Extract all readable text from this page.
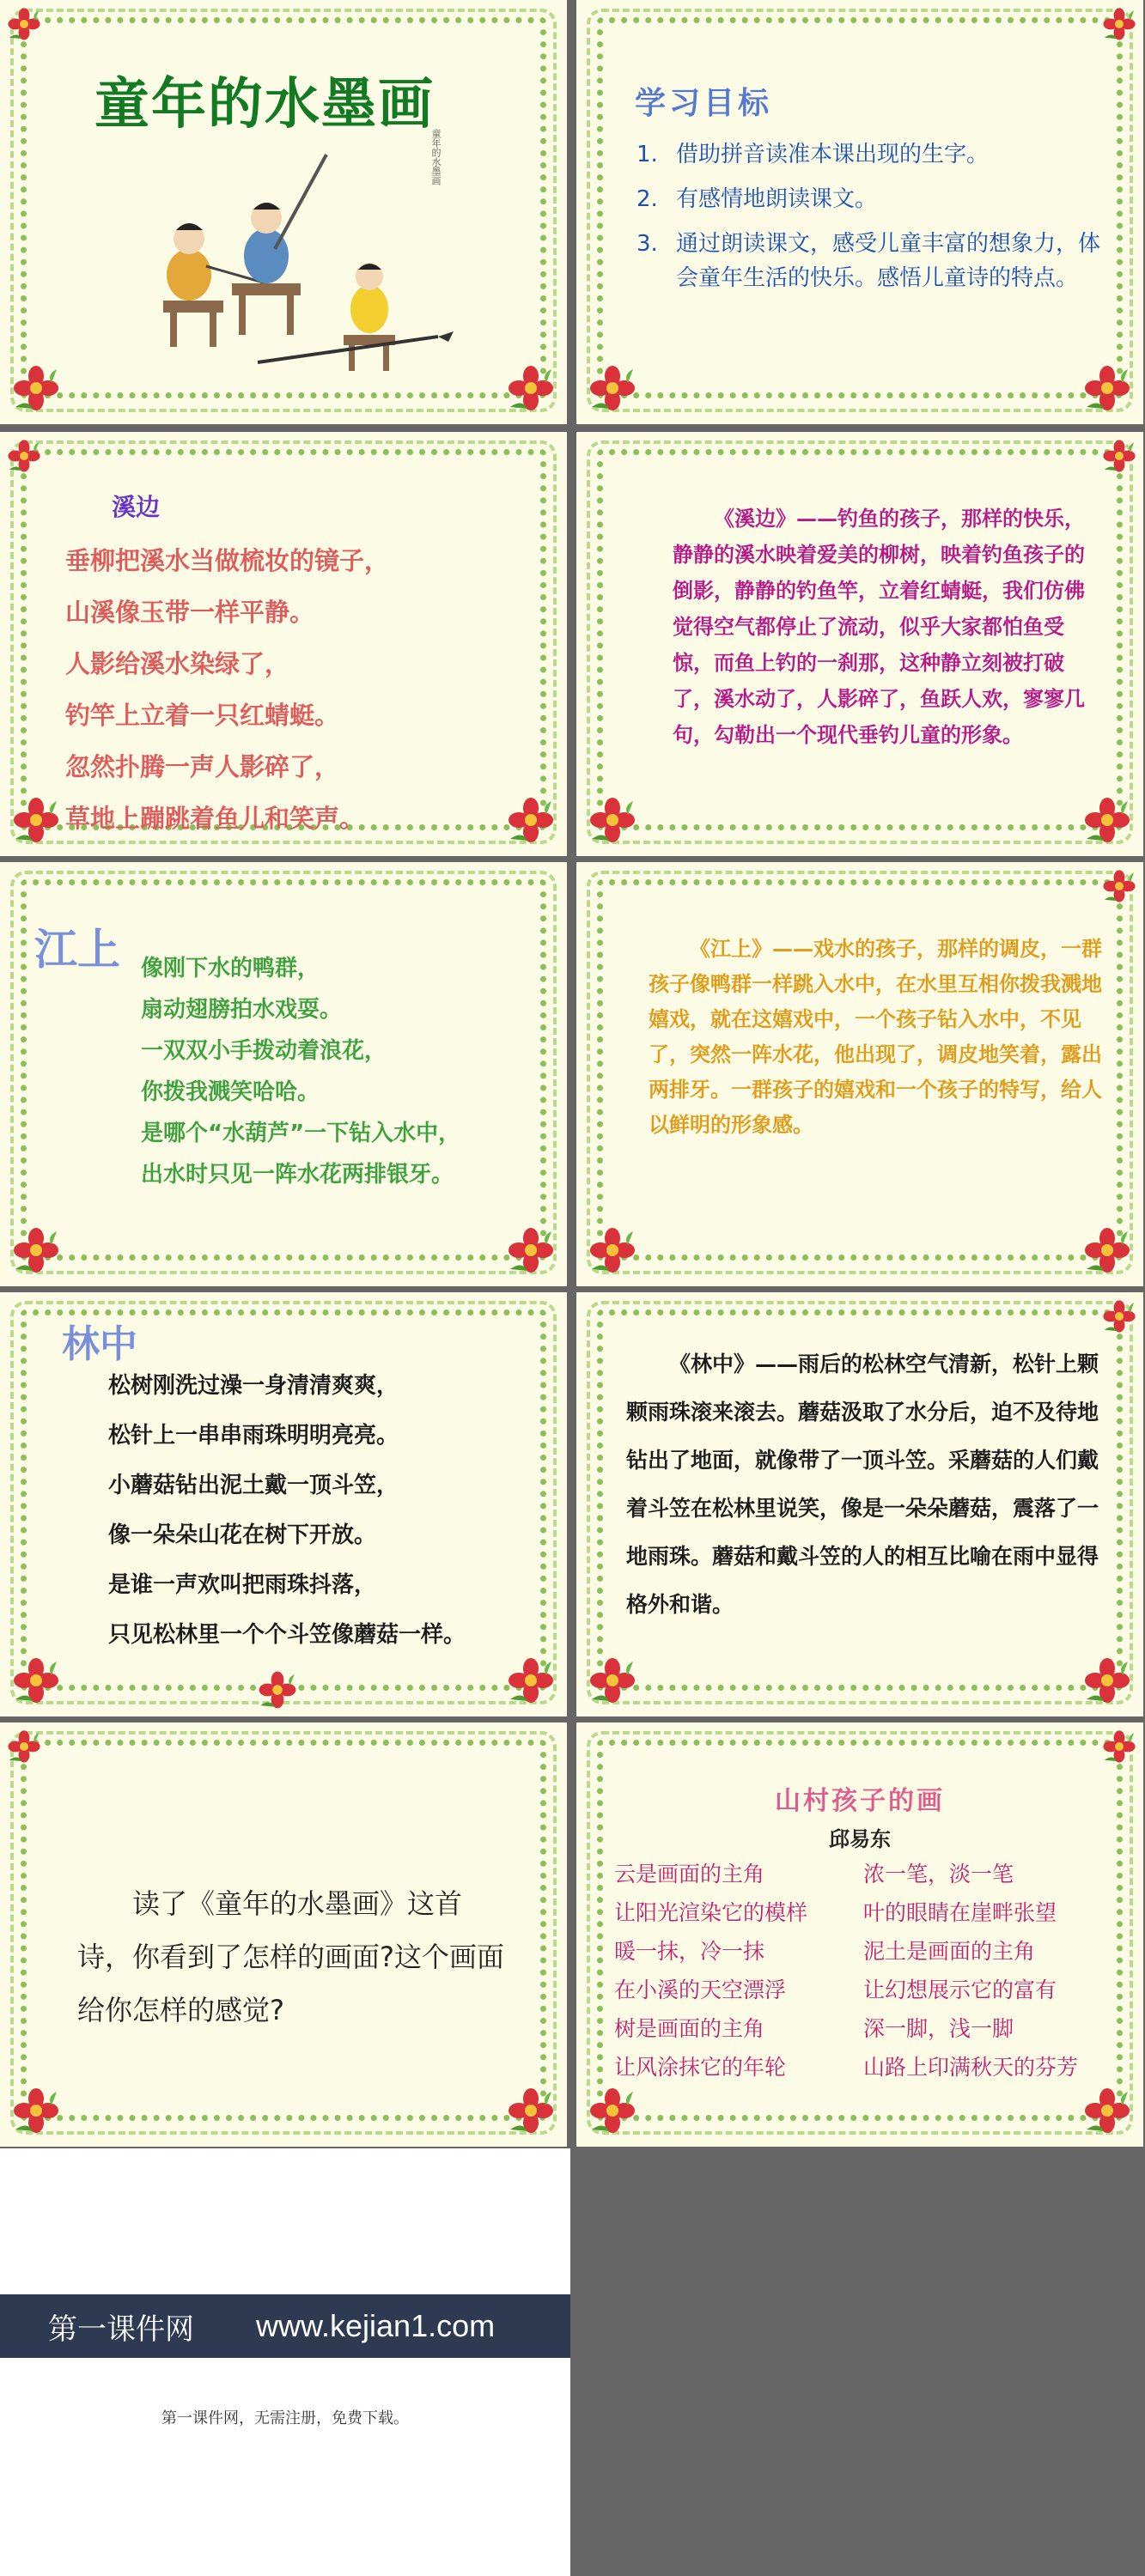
童年的水墨画
童年的水墨画
学习目标
1. 借助拼音读准本课出现的生字。
2. 有感情地朗读课文。
3. 通过朗读课文，感受儿童丰富的想象力，体会童年生活的快乐。感悟儿童诗的特点。
溪边
垂柳把溪水当做梳妆的镜子，
山溪像玉带一样平静。
人影给溪水染绿了，
钓竿上立着一只红蜻蜓。
忽然扑腾一声人影碎了，
草地上蹦跳着鱼儿和笑声。

《溪边》——钓鱼的孩子，那样的快乐，静静的溪水映着爱美的柳树，映着钓鱼孩子的倒影，静静的钓鱼竿，立着红蜻蜓，我们仿佛觉得空气都停止了流动，似乎大家都怕鱼受惊，而鱼上钓的一刹那，这种静立刻被打破了，溪水动了，人影碎了，鱼跃人欢，寥寥几句，勾勒出一个现代垂钓儿童的形象。

江上 像刚下水的鸭群，
扇动翅膀拍水戏耍。
一双双小手拨动着浪花，
你拨我溅笑哈哈。
是哪个“水葫芦”一下钻入水中，
出水时只见一阵水花两排银牙。

《江上》——戏水的孩子，那样的调皮，一群孩子像鸭群一样跳入水中，在水里互相你拨我溅地嬉戏，就在这嬉戏中，一个孩子钻入水中，不见了，突然一阵水花，他出现了，调皮地笑着，露出两排牙。一群孩子的嬉戏和一个孩子的特写，给人以鲜明的形象感。

林中
松树刚洗过澡一身清清爽爽，
松针上一串串雨珠明明亮亮。
小蘑菇钻出泥土戴一顶斗笠，
像一朵朵山花在树下开放。
是谁一声欢叫把雨珠抖落，
只见松林里一个个斗笠像蘑菇一样。

《林中》——雨后的松林空气清新，松针上颗颗雨珠滚来滚去。蘑菇汲取了水分后，迫不及待地钻出了地面，就像带了一顶斗笠。采蘑菇的人们戴着斗笠在松林里说笑，像是一朵朵蘑菇，震落了一地雨珠。蘑菇和戴斗笠的人的相互比喻在雨中显得格外和谐。

读了《童年的水墨画》这首诗，你看到了怎样的画面?这个画面给你怎样的感觉?

山村孩子的画
邱易东
云是画面的主角	浓一笔，淡一笔
让阳光渲染它的模样	叶的眼睛在崖畔张望
暖一抹，冷一抹	泥土是画面的主角
在小溪的天空漂浮	让幻想展示它的富有
树是画面的主角	深一脚，浅一脚
让风涂抹它的年轮	山路上印满秋天的芬芳
第一课件网 www.kejian1.com
第一课件网，无需注册，免费下载。
